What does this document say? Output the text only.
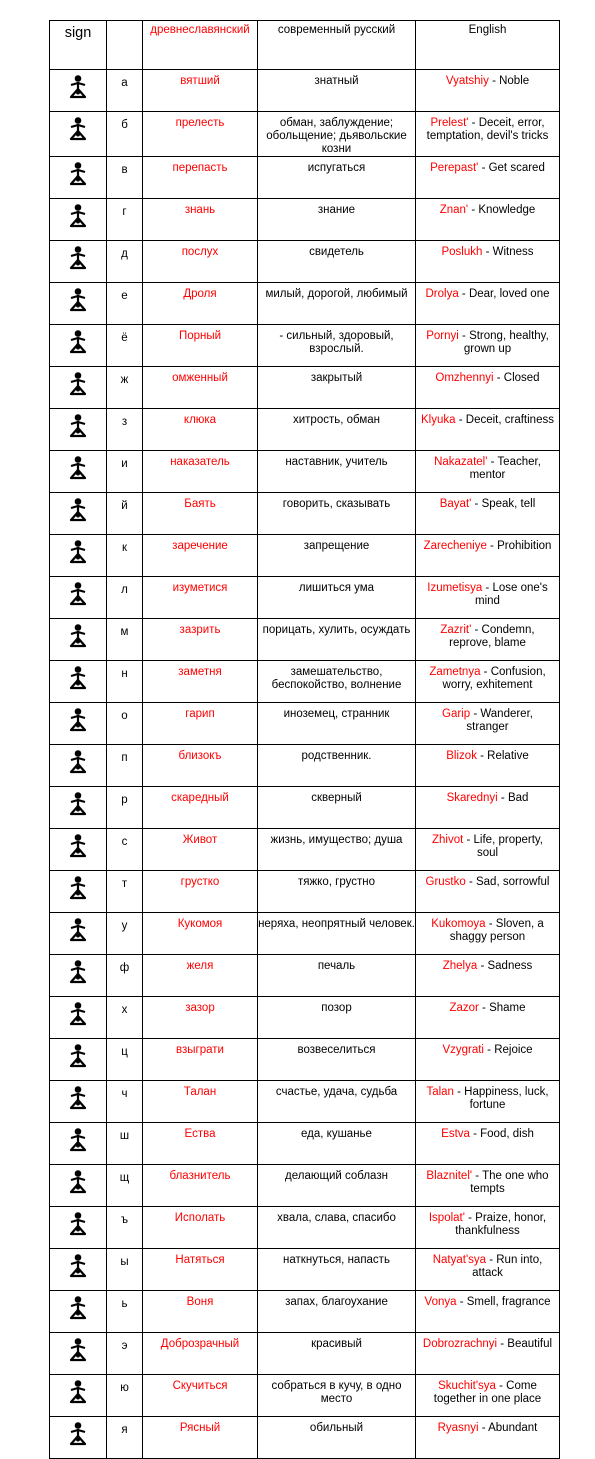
sign		древнеславянский	современный русский	English

	а	вятший	знатный	Vyatshiy - Noble

	б	прелесть	обман, заблуждение; обольщение; дьявольские козни	Prelest' - Deceit, error, temptation, devil's tricks

	в	перепасть	испугаться	Perepast' - Get scared

	г	знань	знание	Znan' - Knowledge

	д	послух	свидетель	Poslukh - Witness

	е	Дроля	милый, дорогой, любимый	Drolya - Dear, loved one

	ё	Порный	- сильный, здоровый, взрослый.	Pornyi - Strong, healthy, grown up

	ж	омженный	закрытый	Omzhennyi - Closed

	з	клюка	хитрость, обман	Klyuka - Deceit, craftiness

	и	наказатель	наставник, учитель	Nakazatel' - Teacher, mentor

	й	Баять	говорить, сказывать	Bayat' - Speak, tell

	к	заречение	запрещение	Zarecheniye - Prohibition

	л	изуметися	лишиться ума	Izumetisya - Lose one's mind

	м	зазрить	порицать, хулить, осуждать	Zazrit' - Condemn, reprove, blame

	н	заметня	замешательство, беспокойство, волнение	Zametnya - Confusion, worry, exhitement

	о	гарип	иноземец, странник	Garip - Wanderer, stranger

	п	близокъ	родственник.	Blizok - Relative

	р	скаредный	скверный	Skarednyi - Bad

	с	Живот	жизнь, имущество; душа	Zhivot - Life, property, soul

	т	грустко	тяжко, грустно	Grustko - Sad, sorrowful

	у	Кукомоя	неряха, неопрятный человек.	Kukomoya - Sloven, a shaggy person

	ф	желя	печаль	Zhelya - Sadness

	х	зазор	позор	Zazor - Shame

	ц	взыграти	возвеселиться	Vzygrati - Rejoice

	ч	Талан	счастье, удача, судьба	Talan - Happiness, luck, fortune

	ш	Ества	еда, кушанье	Estva - Food, dish

	щ	блазнитель	делающий соблазн	Blaznitel' - The one who tempts

	ъ	Исполать	хвала, слава, спасибо	Ispolat' - Praize, honor, thankfulness

	ы	Натяться	наткнуться, напасть	Natyat'sya - Run into, attack

	ь	Воня	запах, благоухание	Vonya - Smell, fragrance

	э	Доброзрачный	красивый	Dobrozrachnyi - Beautiful

	ю	Скучиться	собраться в кучу, в одно место	Skuchit'sya - Come together in one place

	я	Рясный	обильный	Ryasnyi - Abundant
